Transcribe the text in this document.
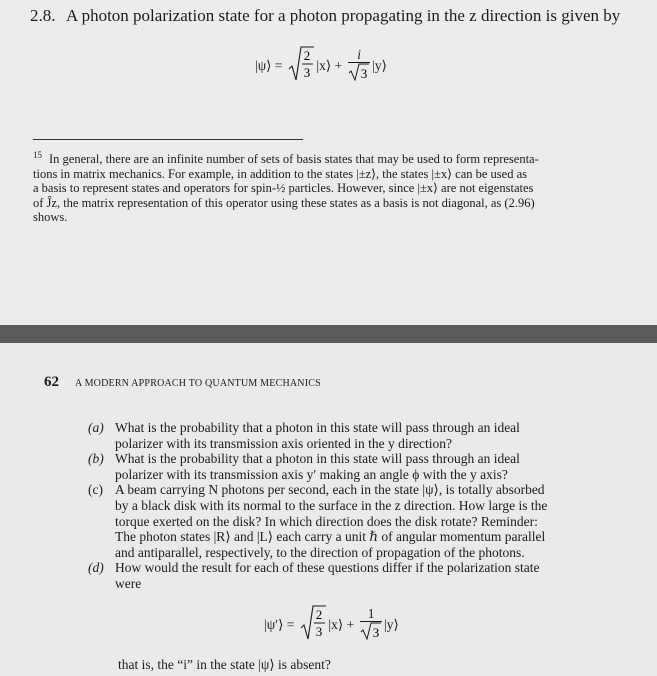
2.8. A photon polarization state for a photon propagating in the z direction is given by
|ψ⟩ =
2
3 |x⟩ + $\frac{i}{3}$ |y⟩
15 In general, there are an infinite number of sets of basis states that may be used to form representa-
tions in matrix mechanics. For example, in addition to the states |±z⟩, the states |±x⟩ can be used as
a basis to represent states and operators for spin-½ particles. However, since |±x⟩ are not eigenstates
of Ĵz, the matrix representation of this operator using these states as a basis is not diagonal, as (2.96)
shows.
62 A MODERN APPROACH TO QUANTUM MECHANICS
(a) What is the probability that a photon in this state will pass through an ideal
polarizer with its transmission axis oriented in the y direction?
(b) What is the probability that a photon in this state will pass through an ideal
polarizer with its transmission axis y′ making an angle ϕ with the y axis?
(c) A beam carrying N photons per second, each in the state |ψ⟩, is totally absorbed
by a black disk with its normal to the surface in the z direction. How large is the
torque exerted on the disk? In which direction does the disk rotate? Reminder:
The photon states |R⟩ and |L⟩ each carry a unit ℏ of angular momentum parallel
and antiparallel, respectively, to the direction of propagation of the photons.
(d) How would the result for each of these questions differ if the polarization state
were
|ψ′⟩ =
2
3 |x⟩ + $\frac{1}{3}$ |y⟩
that is, the “i” in the state |ψ⟩ is absent?
